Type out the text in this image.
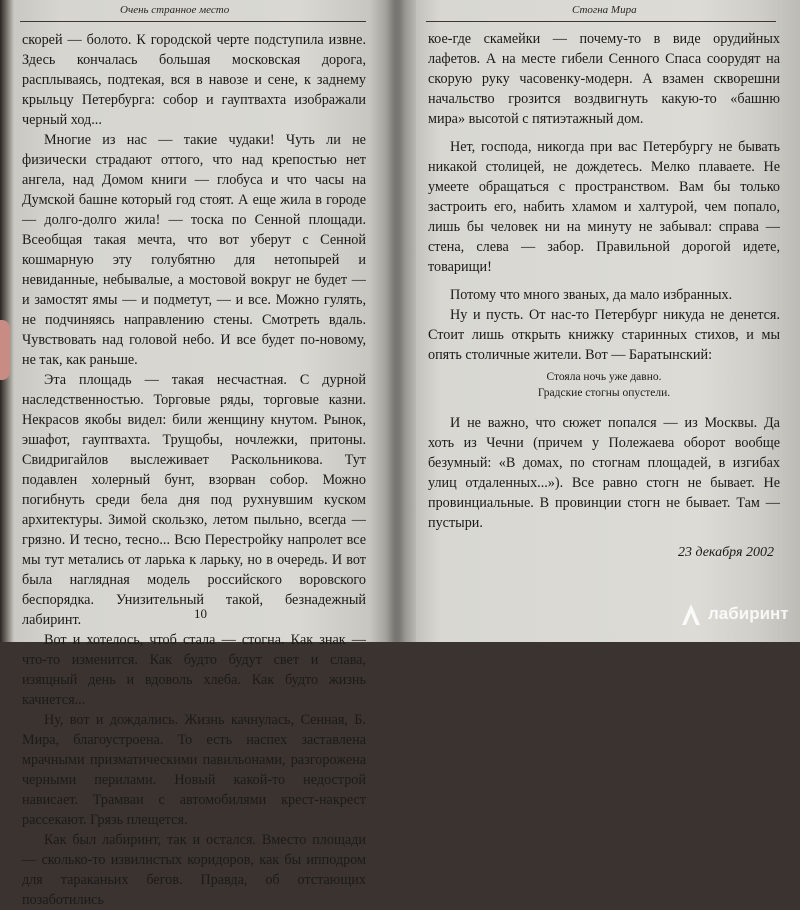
Очень странное место

скорей — болото. К городской черте подступила извне. Здесь кончалась большая московская дорога, расплываясь, подтекая, вся в навозе и сене, к заднему крыльцу Петербурга: собор и гауптвахта изображали черный ход...

Многие из нас — такие чудаки! Чуть ли не физически страдают оттого, что над крепостью нет ангела, над Домом книги — глобуса и что часы на Думской башне который год стоят. А еще жила в городе — долго-долго жила! — тоска по Сенной площади. Всеобщая такая мечта, что вот уберут с Сенной кошмарную эту голубятню для нетопырей и невиданные, небывалые, а мостовой вокруг не будет — и замостят ямы — и подметут, — и все. Можно гулять, не подчиняясь направлению стены. Смотреть вдаль. Чувствовать над головой небо. И все будет по-новому, не так, как раньше.

Эта площадь — такая несчастная. С дурной наследственностью. Торговые ряды, торговые казни. Некрасов якобы видел: били женщину кнутом. Рынок, эшафот, гауптвахта. Трущобы, ночлежки, притоны. Свидригайлов выслеживает Раскольникова. Тут подавлен холерный бунт, взорван собор. Можно погибнуть среди бела дня под рухнувшим куском архитектуры. Зимой скользко, летом пыльно, всегда — грязно. И тесно, тесно... Всю Перестройку напролет все мы тут метались от ларька к ларьку, но в очередь. И вот была наглядная модель российского воровского беспорядка. Унизительный такой, безнадежный лабиринт.

Вот и хотелось, чтоб стала — стогна. Как знак — что-то изменится. Как будто будут свет и слава, изящный день и вдоволь хлеба. Как будто жизнь качнется...

Ну, вот и дождались. Жизнь качнулась, Сенная, Б. Мира, благоустроена. То есть наспех заставлена мрачными призматическими павильонами, разгорожена черными перилами. Новый какой-то недострой нависает. Трамваи с автомобилями крест-накрест рассекают. Грязь плещется.

Как был лабиринт, так и остался. Вместо площади — сколько-то извилистых коридоров, как бы ипподром для тараканьих бегов. Правда, об отстающих позаботились

10
Стогна Мира

кое-где скамейки — почему-то в виде орудийных лафетов. А на месте гибели Сенного Спаса соорудят на скорую руку часовенку-модерн. А взамен скворешни начальство грозится воздвигнуть какую-то «башню мира» высотой с пятиэтажный дом.

Нет, господа, никогда при вас Петербургу не бывать никакой столицей, не дождетесь. Мелко плаваете. Не умеете обращаться с пространством. Вам бы только застроить его, набить хламом и халтурой, чем попало, лишь бы человек ни на минуту не забывал: справа — стена, слева — забор. Правильной дорогой идете, товарищи!

Потому что много званых, да мало избранных.

Ну и пусть. От нас-то Петербург никуда не денется. Стоит лишь открыть книжку старинных стихов, и мы опять столичные жители. Вот — Баратынский:

Стояла ночь уже давно.
Градские стогны опустели.

И не важно, что сюжет попался — из Москвы. Да хоть из Чечни (причем у Полежаева оборот вообще безумный: «В домах, по стогнам площадей, в изгибах улиц отдаленных...»). Все равно стогн не бывает. Не провинциальные. В провинции стогн не бывает. Там — пустыри.

23 декабря 2002
лабиринт
